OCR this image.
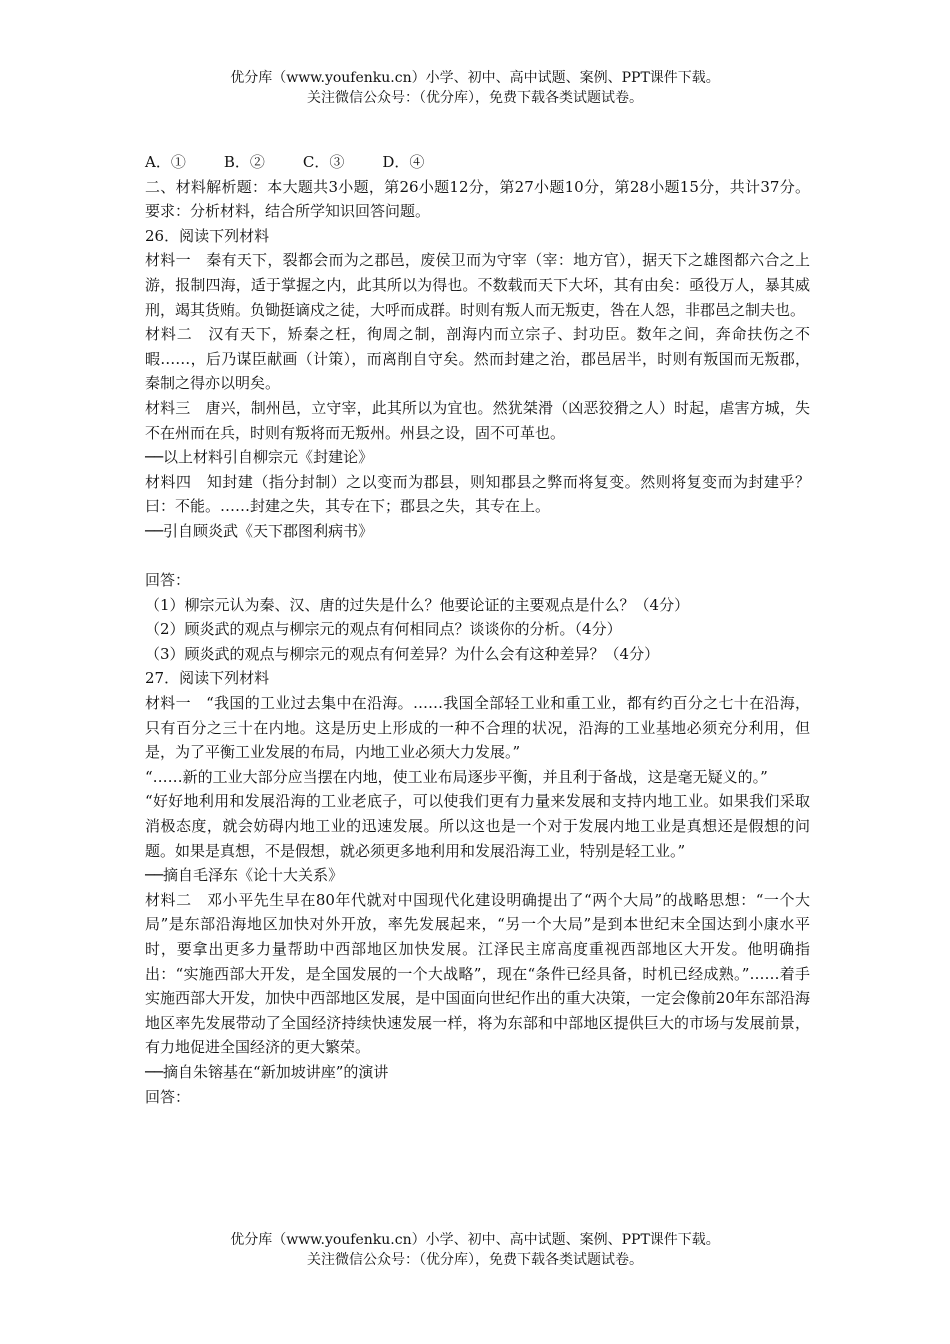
优分库（www.youfenku.cn）小学、初中、高中试题、案例、PPT课件下载。
关注微信公众号：（优分库），免费下载各类试题试卷。

A．①	B．②	C．③	D．④

二、材料解析题：本大题共3小题，第26小题12分，第27小题10分，第28小题15分，共计37分。要求：分析材料，结合所学知识回答问题。

26．阅读下列材料

材料一　秦有天下，裂都会而为之郡邑，废侯卫而为守宰（宰：地方官），据天下之雄图都六合之上游，报制四海，适于掌握之内，此其所以为得也。不数载而天下大坏，其有由矣：亟役万人，暴其威刑，竭其货贿。负锄挺谪戍之徒，大呼而成群。时则有叛人而无叛吏，咎在人怨，非郡邑之制夫也。

材料二　汉有天下，矫秦之枉，徇周之制，剖海内而立宗子、封功臣。数年之间，奔命扶伤之不暇……，后乃谋臣献画（计策），而离削自守矣。然而封建之治，郡邑居半，时则有叛国而无叛郡，秦制之得亦以明矣。

材料三　唐兴，制州邑，立守宰，此其所以为宜也。然犹桀滑（凶恶狡猾之人）时起，虐害方城，失不在州而在兵，时则有叛将而无叛州。州县之设，固不可革也。

──以上材料引自柳宗元《封建论》

材料四　知封建（指分封制）之以变而为郡县，则知郡县之弊而将复变。然则将复变而为封建乎？曰：不能。……封建之失，其专在下；郡县之失，其专在上。

──引自顾炎武《天下郡图利病书》

回答：

（1）柳宗元认为秦、汉、唐的过失是什么？他要论证的主要观点是什么？（4分）

（2）顾炎武的观点与柳宗元的观点有何相同点？谈谈你的分析。（4分）

（3）顾炎武的观点与柳宗元的观点有何差异？为什么会有这种差异？（4分）

27．阅读下列材料

材料一　“我国的工业过去集中在沿海。……我国全部轻工业和重工业，都有约百分之七十在沿海，只有百分之三十在内地。这是历史上形成的一种不合理的状况，沿海的工业基地必须充分利用，但是，为了平衡工业发展的布局，内地工业必须大力发展。”

“……新的工业大部分应当摆在内地，使工业布局逐步平衡，并且利于备战，这是毫无疑义的。”

“好好地利用和发展沿海的工业老底子，可以使我们更有力量来发展和支持内地工业。如果我们采取消极态度，就会妨碍内地工业的迅速发展。所以这也是一个对于发展内地工业是真想还是假想的问题。如果是真想，不是假想，就必须更多地利用和发展沿海工业，特别是轻工业。”

──摘自毛泽东《论十大关系》

材料二　邓小平先生早在80年代就对中国现代化建设明确提出了“两个大局”的战略思想：“一个大局”是东部沿海地区加快对外开放，率先发展起来，“另一个大局”是到本世纪末全国达到小康水平时，要拿出更多力量帮助中西部地区加快发展。江泽民主席高度重视西部地区大开发。他明确指出：“实施西部大开发，是全国发展的一个大战略”，现在“条件已经具备，时机已经成熟。”……着手实施西部大开发，加快中西部地区发展，是中国面向世纪作出的重大决策，一定会像前20年东部沿海地区率先发展带动了全国经济持续快速发展一样，将为东部和中部地区提供巨大的市场与发展前景，有力地促进全国经济的更大繁荣。

──摘自朱镕基在“新加坡讲座”的演讲

回答：

优分库（www.youfenku.cn）小学、初中、高中试题、案例、PPT课件下载。
关注微信公众号：（优分库），免费下载各类试题试卷。
